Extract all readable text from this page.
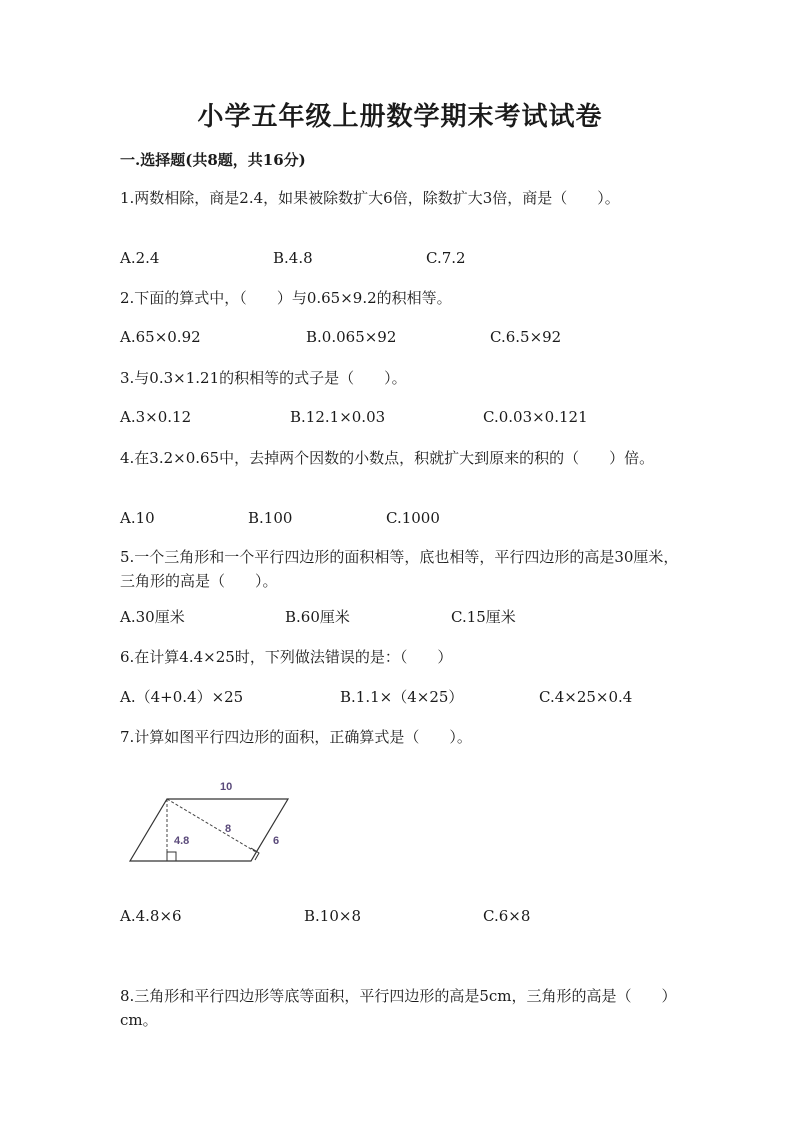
小学五年级上册数学期末考试试卷
一.选择题(共8题，共16分)
1.两数相除，商是2.4，如果被除数扩大6倍，除数扩大3倍，商是（　　）。
A.2.4	B.4.8	C.7.2
2.下面的算式中，（　　）与0.65×9.2的积相等。
A.65×0.92	B.0.065×92	C.6.5×92
3.与0.3×1.21的积相等的式子是（　　）。
A.3×0.12	B.12.1×0.03	C.0.03×0.121
4.在3.2×0.65中，去掉两个因数的小数点，积就扩大到原来的积的（　　）倍。
A.10	B.100	C.1000
5.一个三角形和一个平行四边形的面积相等，底也相等，平行四边形的高是30厘米，三角形的高是（　　）。
A.30厘米	B.60厘米	C.15厘米
6.在计算4.4×25时，下列做法错误的是：（　　）
A.（4+0.4）×25	B.1.1×（4×25）	C.4×25×0.4
7.计算如图平行四边形的面积，正确算式是（　　）。
10
4.8
8
6
A.4.8×6	B.10×8	C.6×8
8.三角形和平行四边形等底等面积，平行四边形的高是5cm，三角形的高是（　　）cm。
